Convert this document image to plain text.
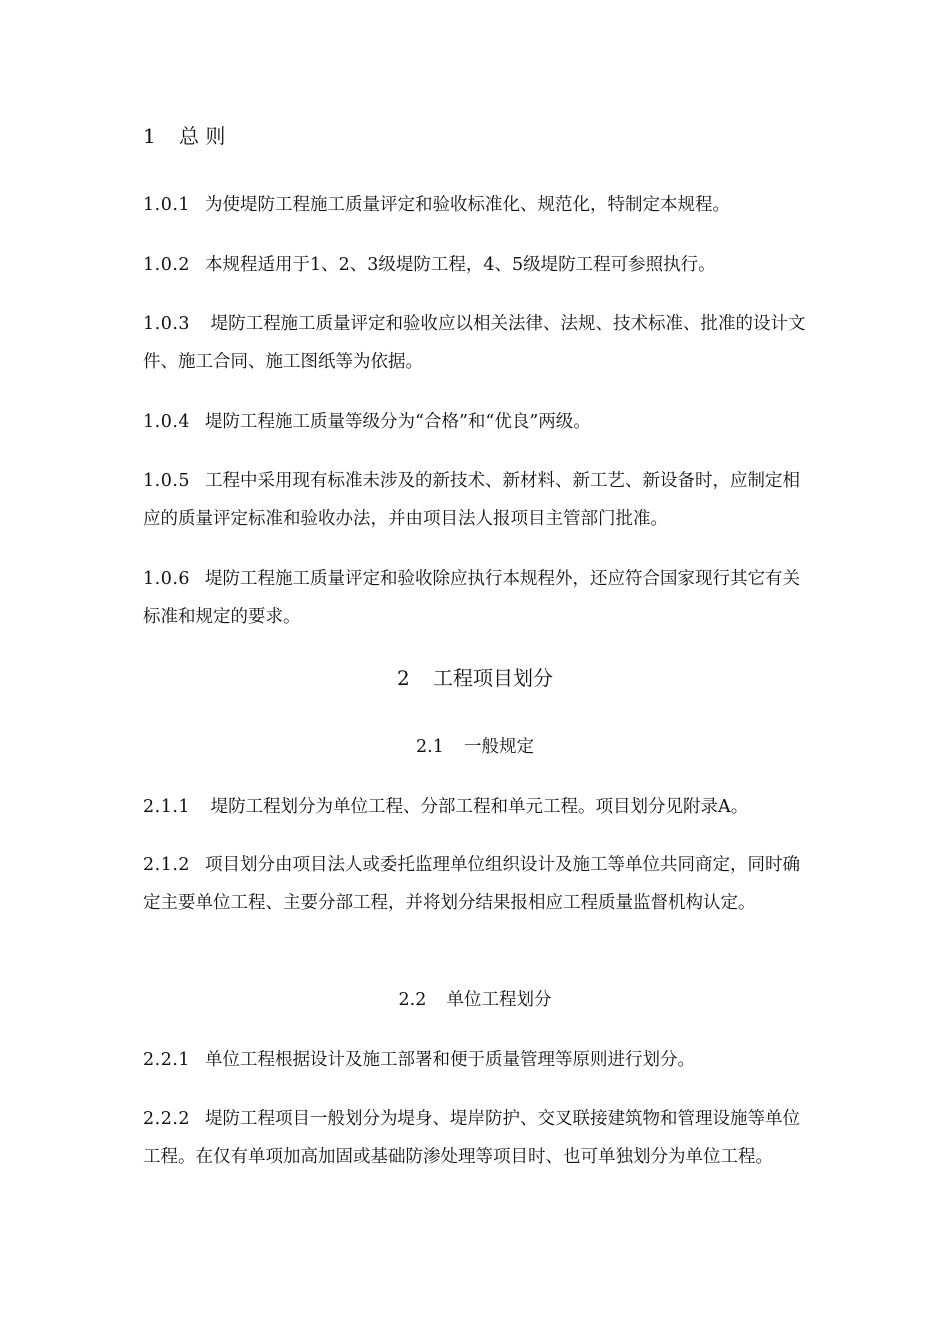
1 总 则

1.0.1 为使堤防工程施工质量评定和验收标准化、规范化，特制定本规程。

1.0.2 本规程适用于1、2、3级堤防工程，4、5级堤防工程可参照执行。

1.0.3 堤防工程施工质量评定和验收应以相关法律、法规、技术标准、批准的设计文件、施工合同、施工图纸等为依据。

1.0.4 堤防工程施工质量等级分为“合格”和“优良”两级。

1.0.5 工程中采用现有标准未涉及的新技术、新材料、新工艺、新设备时，应制定相应的质量评定标准和验收办法，并由项目法人报项目主管部门批准。

1.0.6 堤防工程施工质量评定和验收除应执行本规程外，还应符合国家现行其它有关标准和规定的要求。

2 工程项目划分
2.1 一般规定

2.1.1 堤防工程划分为单位工程、分部工程和单元工程。项目划分见附录A。

2.1.2 项目划分由项目法人或委托监理单位组织设计及施工等单位共同商定，同时确定主要单位工程、主要分部工程，并将划分结果报相应工程质量监督机构认定。

2.2 单位工程划分

2.2.1 单位工程根据设计及施工部署和便于质量管理等原则进行划分。

2.2.2 堤防工程项目一般划分为堤身、堤岸防护、交叉联接建筑物和管理设施等单位工程。在仅有单项加高加固或基础防渗处理等项目时、也可单独划分为单位工程。
